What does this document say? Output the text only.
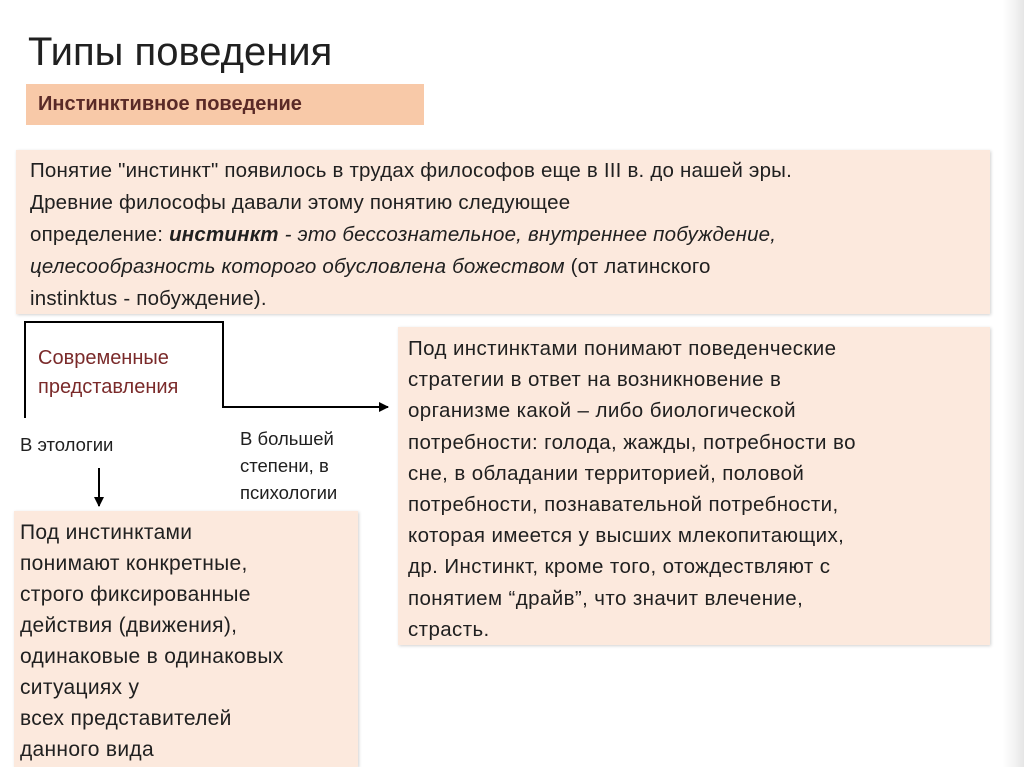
Типы поведения
Инстинктивное поведение
Понятие "инстинкт" появилось в трудах философов еще в III в. до нашей эры.
Древние философы давали этому понятию следующее
определение: инстинкт - это бессознательное, внутреннее побуждение,
целесообразность которого обусловлена божеством (от латинского
instinktus - побуждение).
Современные
представления
В этологии	В большей
степени, в
психологии
Под инстинктами понимают поведенческие
стратегии в ответ на возникновение в
организме какой – либо биологической
потребности: голода, жажды, потребности во
сне, в обладании территорией, половой
потребности, познавательной потребности,
которая имеется у высших млекопитающих,
др. Инстинкт, кроме того, отождествляют с
понятием “драйв”, что значит влечение,
страсть.
Под инстинктами
понимают конкретные,
строго фиксированные
действия (движения),
одинаковые в одинаковых
ситуациях у
всех представителей
данного вида
